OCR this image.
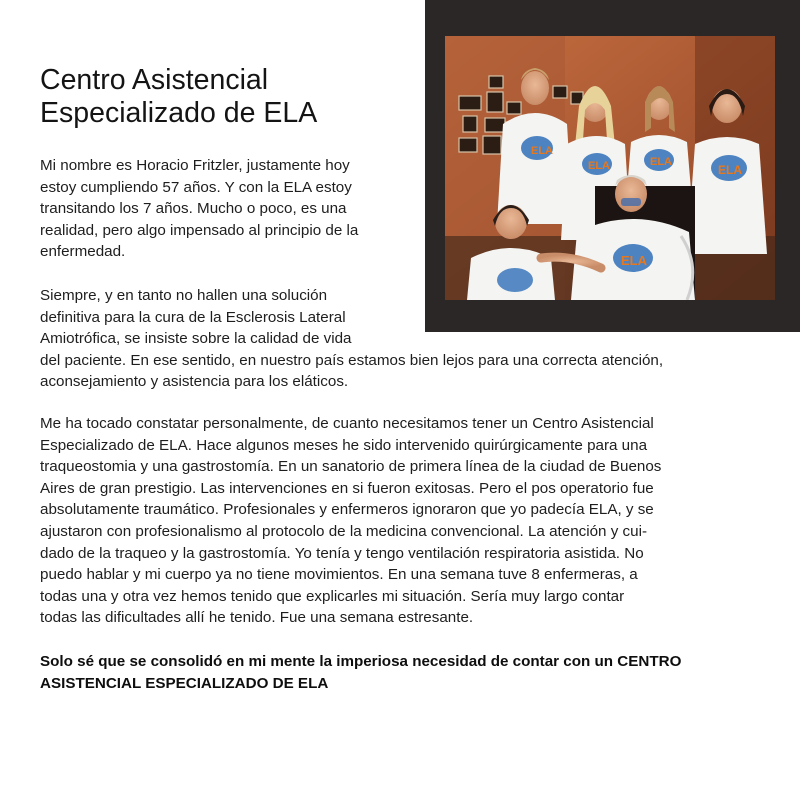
Centro Asistencial
Especializado de ELA
ELA
ELA	ELA
ELA
ELA

Mi nombre es Horacio Fritzler, justamente hoy
estoy cumpliendo 57 años. Y con la ELA estoy
transitando los 7 años. Mucho o poco, es una
realidad, pero algo impensado al principio de la
enfermedad.

Siempre, y en tanto no hallen una solución
definitiva para la cura de la Esclerosis Lateral
Amiotrófica, se insiste sobre la calidad de vida
del paciente. En ese sentido, en nuestro país estamos bien lejos para una correcta atención,
aconsejamiento y asistencia para los eláticos.

Me ha tocado constatar personalmente, de cuanto necesitamos tener un Centro Asistencial
Especializado de ELA. Hace algunos meses he sido intervenido quirúrgicamente para una
traqueostomia y una gastrostomía. En un sanatorio de primera línea de la ciudad de Buenos
Aires de gran prestigio. Las intervenciones en si fueron exitosas. Pero el pos operatorio fue
absolutamente traumático. Profesionales y enfermeros ignoraron que yo padecía ELA, y se
ajustaron con profesionalismo al protocolo de la medicina convencional. La atención y cui-
dado de la traqueo y la gastrostomía. Yo tenía y tengo ventilación respiratoria asistida. No
puedo hablar y mi cuerpo ya no tiene movimientos. En una semana tuve 8 enfermeras, a
todas una y otra vez hemos tenido que explicarles mi situación. Sería muy largo contar
todas las dificultades allí he tenido. Fue una semana estresante.

Solo sé que se consolidó en mi mente la imperiosa necesidad de contar con un CENTRO
ASISTENCIAL ESPECIALIZADO DE ELA
